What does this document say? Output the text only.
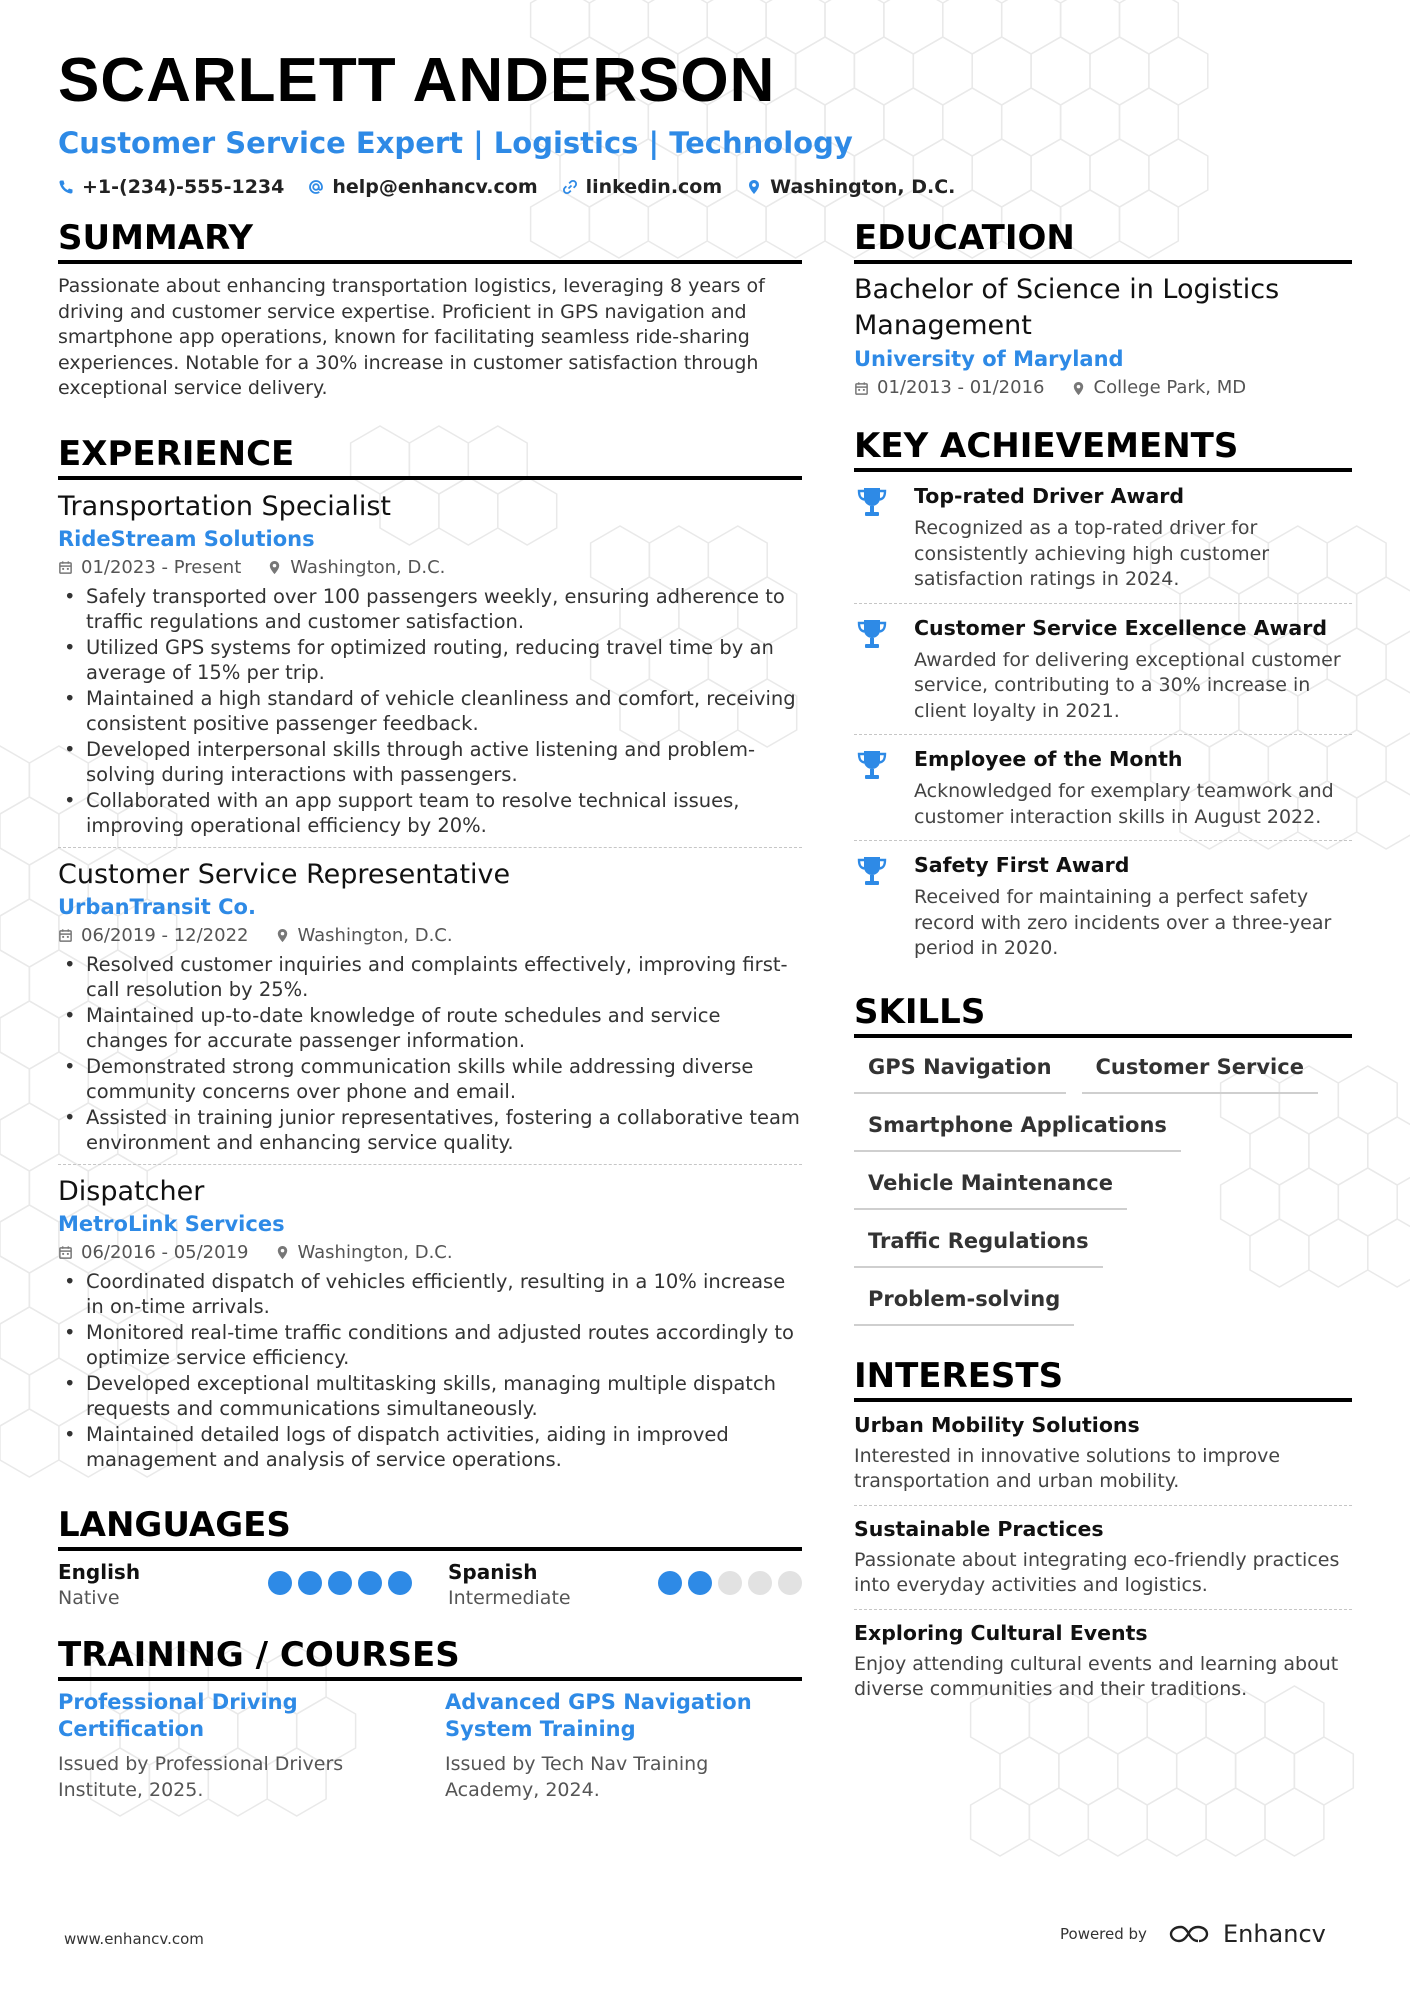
SCARLETT ANDERSON
Customer Service Expert | Logistics | Technology
+1-(234)-555-1234	help@enhancv.com	linkedin.com	Washington, D.C.
SUMMARY
Passionate about enhancing transportation logistics, leveraging 8 years of driving and customer service expertise. Proficient in GPS navigation and smartphone app operations, known for facilitating seamless ride-sharing experiences. Notable for a 30% increase in customer satisfaction through exceptional service delivery.
EXPERIENCE
Transportation Specialist
RideStream Solutions
01/2023 - Present	Washington, D.C.
• Safely transported over 100 passengers weekly, ensuring adherence to traffic regulations and customer satisfaction.
• Utilized GPS systems for optimized routing, reducing travel time by an average of 15% per trip.
• Maintained a high standard of vehicle cleanliness and comfort, receiving consistent positive passenger feedback.
• Developed interpersonal skills through active listening and problem-solving during interactions with passengers.
• Collaborated with an app support team to resolve technical issues, improving operational efficiency by 20%.
Customer Service Representative
UrbanTransit Co.
06/2019 - 12/2022	Washington, D.C.
• Resolved customer inquiries and complaints effectively, improving first-call resolution by 25%.
• Maintained up-to-date knowledge of route schedules and service changes for accurate passenger information.
• Demonstrated strong communication skills while addressing diverse community concerns over phone and email.
• Assisted in training junior representatives, fostering a collaborative team environment and enhancing service quality.
Dispatcher
MetroLink Services
06/2016 - 05/2019	Washington, D.C.
• Coordinated dispatch of vehicles efficiently, resulting in a 10% increase in on-time arrivals.
• Monitored real-time traffic conditions and adjusted routes accordingly to optimize service efficiency.
• Developed exceptional multitasking skills, managing multiple dispatch requests and communications simultaneously.
• Maintained detailed logs of dispatch activities, aiding in improved management and analysis of service operations.
LANGUAGES
English
Native
Spanish
Intermediate
TRAINING / COURSES
Professional Driving Certification
Issued by Professional Drivers Institute, 2025.
Advanced GPS Navigation System Training
Issued by Tech Nav Training Academy, 2024.
EDUCATION
Bachelor of Science in Logistics Management
University of Maryland
01/2013 - 01/2016	College Park, MD
KEY ACHIEVEMENTS
Top-rated Driver Award
Recognized as a top-rated driver for consistently achieving high customer satisfaction ratings in 2024.
Customer Service Excellence Award
Awarded for delivering exceptional customer service, contributing to a 30% increase in client loyalty in 2021.
Employee of the Month
Acknowledged for exemplary teamwork and customer interaction skills in August 2022.
Safety First Award
Received for maintaining a perfect safety record with zero incidents over a three-year period in 2020.
SKILLS
GPS Navigation	Customer Service
Smartphone Applications
Vehicle Maintenance
Traffic Regulations
Problem-solving
INTERESTS
Urban Mobility Solutions
Interested in innovative solutions to improve transportation and urban mobility.
Sustainable Practices
Passionate about integrating eco-friendly practices into everyday activities and logistics.
Exploring Cultural Events
Enjoy attending cultural events and learning about diverse communities and their traditions.
www.enhancv.com	Powered by	Enhancv
